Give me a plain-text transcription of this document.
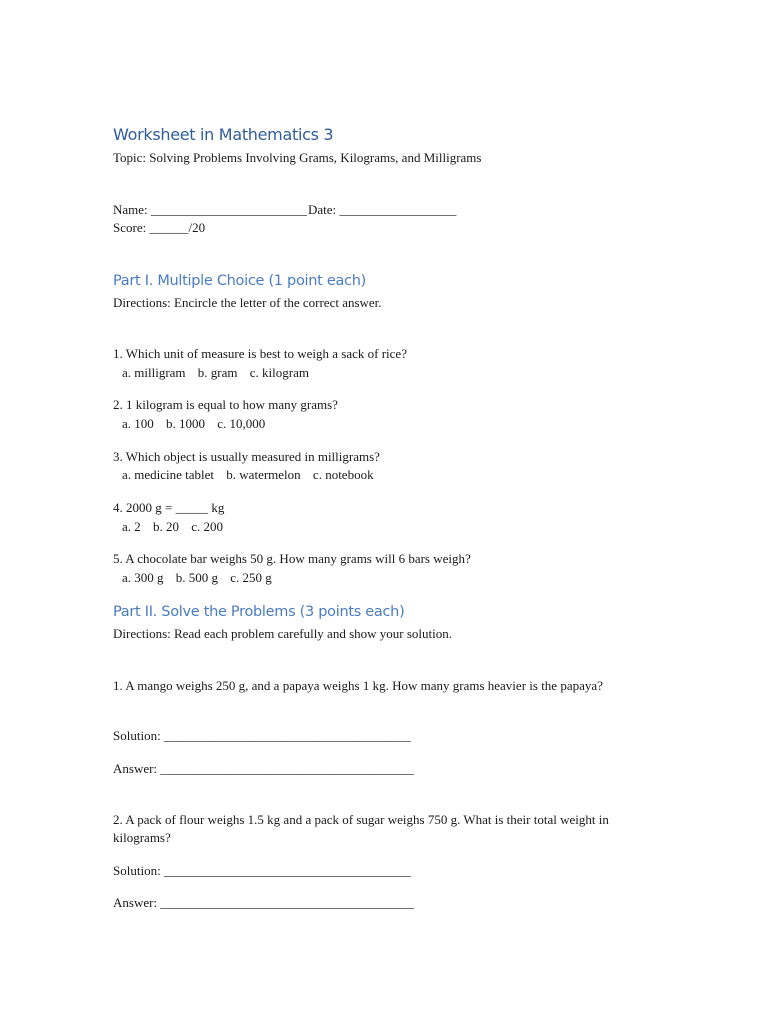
Worksheet in Mathematics 3
Topic: Solving Problems Involving Grams, Kilograms, and Milligrams
Name: ________________________ Date: __________________
Score: ______/20
Part I. Multiple Choice (1 point each)
Directions: Encircle the letter of the correct answer.
1. Which unit of measure is best to weigh a sack of rice?
a. milligram b. gram c. kilogram
2. 1 kilogram is equal to how many grams?
a. 100 b. 1000 c. 10,000
3. Which object is usually measured in milligrams?
a. medicine tablet b. watermelon c. notebook
4. 2000 g = _____ kg
a. 2 b. 20 c. 200
5. A chocolate bar weighs 50 g. How many grams will 6 bars weigh?
a. 300 g b. 500 g c. 250 g
Part II. Solve the Problems (3 points each)
Directions: Read each problem carefully and show your solution.
1. A mango weighs 250 g, and a papaya weighs 1 kg. How many grams heavier is the papaya?
Solution: ______________________________________
Answer: _______________________________________
2. A pack of flour weighs 1.5 kg and a pack of sugar weighs 750 g. What is their total weight in kilograms?
Solution: ______________________________________
Answer: _______________________________________
